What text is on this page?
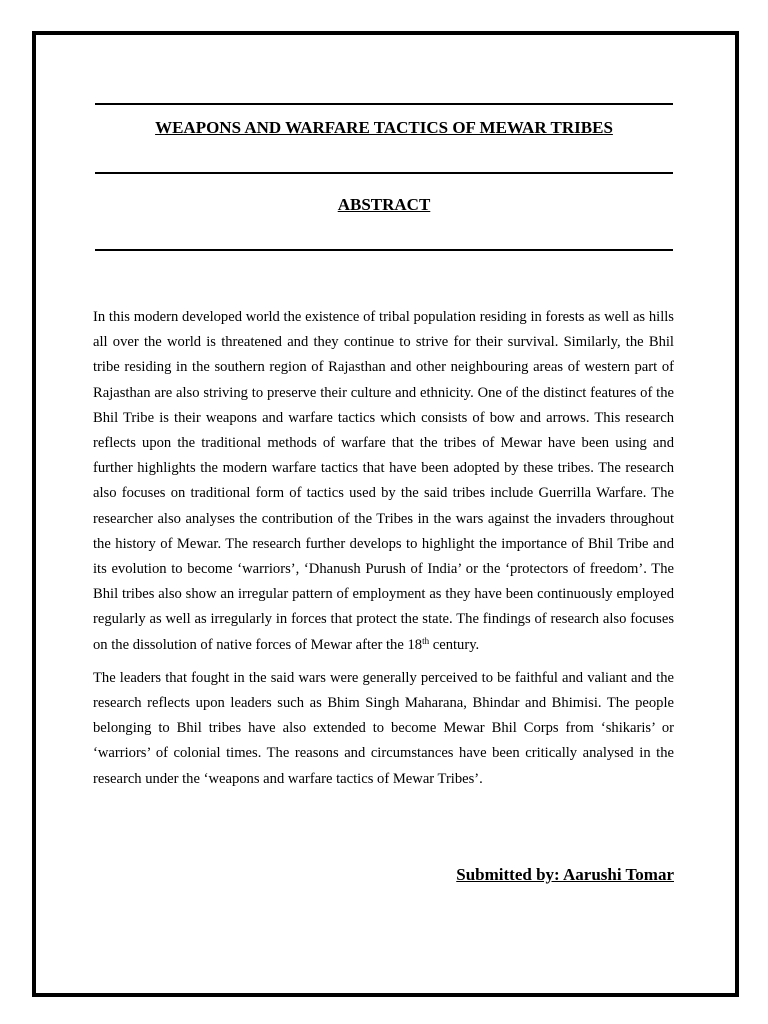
WEAPONS AND WARFARE TACTICS OF MEWAR TRIBES
ABSTRACT

In this modern developed world the existence of tribal population residing in forests as well as hills all over the world is threatened and they continue to strive for their survival. Similarly, the Bhil tribe residing in the southern region of Rajasthan and other neighbouring areas of western part of Rajasthan are also striving to preserve their culture and ethnicity. One of the distinct features of the Bhil Tribe is their weapons and warfare tactics which consists of bow and arrows. This research reflects upon the traditional methods of warfare that the tribes of Mewar have been using and further highlights the modern warfare tactics that have been adopted by these tribes. The research also focuses on traditional form of tactics used by the said tribes include Guerrilla Warfare. The researcher also analyses the contribution of the Tribes in the wars against the invaders throughout the history of Mewar. The research further develops to highlight the importance of Bhil Tribe and its evolution to become ‘warriors’, ‘Dhanush Purush of India’ or the ‘protectors of freedom’. The Bhil tribes also show an irregular pattern of employment as they have been continuously employed regularly as well as irregularly in forces that protect the state. The findings of research also focuses on the dissolution of native forces of Mewar after the 18th century.

The leaders that fought in the said wars were generally perceived to be faithful and valiant and the research reflects upon leaders such as Bhim Singh Maharana, Bhindar and Bhimisi. The people belonging to Bhil tribes have also extended to become Mewar Bhil Corps from ‘shikaris’ or ‘warriors’ of colonial times. The reasons and circumstances have been critically analysed in the research under the ‘weapons and warfare tactics of Mewar Tribes’.

Submitted by: Aarushi Tomar
